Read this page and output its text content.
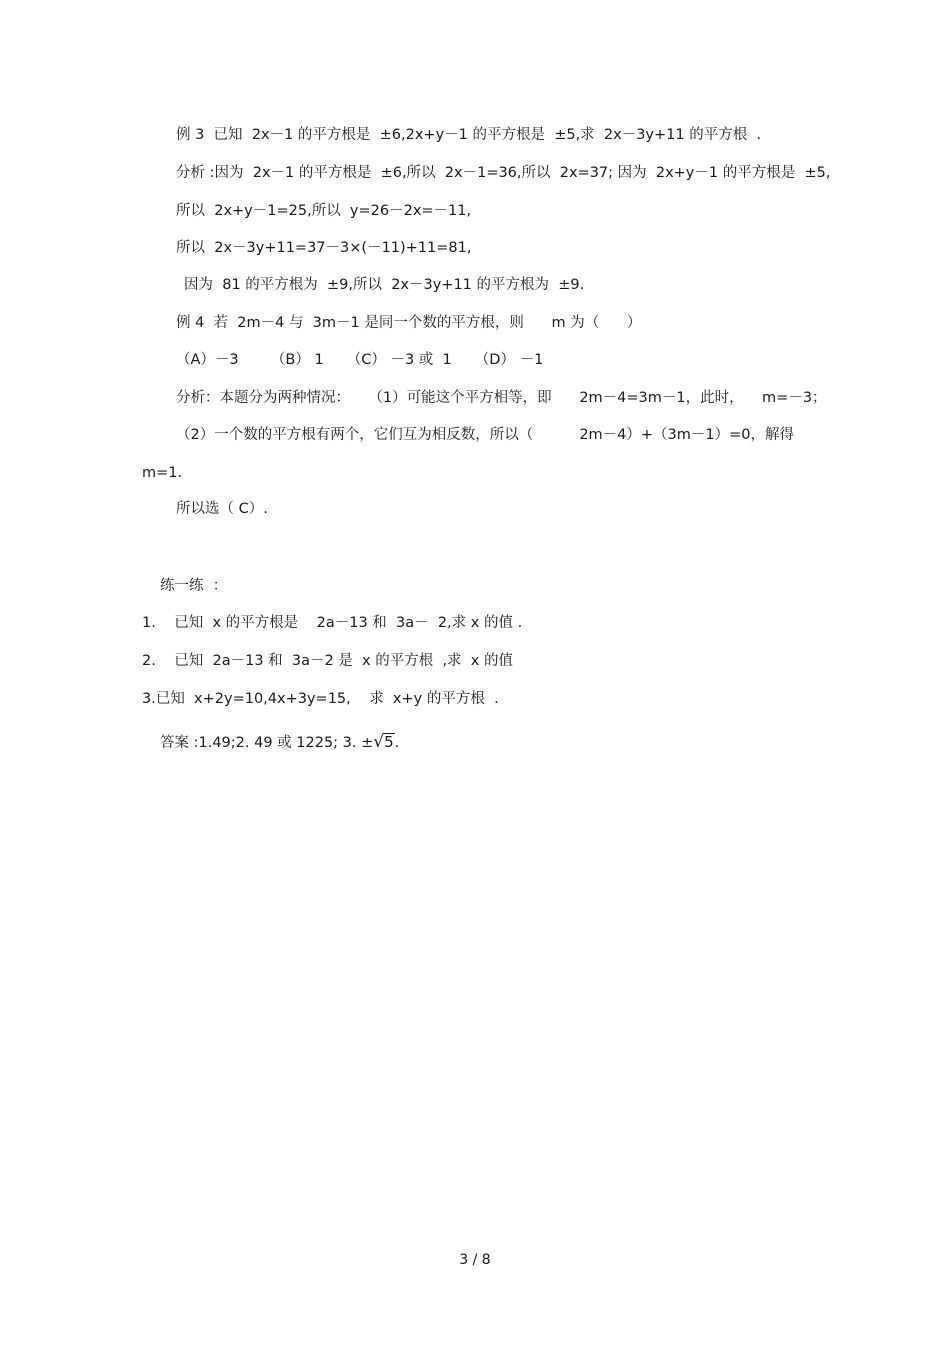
例 3  已知  2x－1 的平方根是  ±6,2x+y－1 的平方根是  ±5,求  2x－3y+11 的平方根  .
分析 :因为  2x－1 的平方根是  ±6,所以  2x－1=36,所以  2x=37; 因为  2x+y－1 的平方根是  ±5,
所以  2x+y－1=25,所以  y=26－2x=－11,
所以  2x－3y+11=37－3×(－11)+11=81,
因为  81 的平方根为  ±9,所以  2x－3y+11 的平方根为  ±9.
例 4  若  2m－4 与  3m－1 是同一个数的平方根，则      m 为（      ）
（A）－3       （B） 1     （C） －3 或  1     （D） －1
分析：本题分为两种情况：    （1）可能这个平方相等，即      2m－4=3m－1，此时，    m=－3；
（2）一个数的平方根有两个，它们互为相反数，所以（          2m－4）+（3m－1）=0，解得
m=1．
所以选（ C）.
练一练  ：
1.    已知  x 的平方根是    2a－13 和  3a－  2,求 x 的值 .
2.    已知  2a－13 和  3a－2 是  x 的平方根  ,求  x 的值
3.已知  x+2y=10,4x+3y=15,    求  x+y 的平方根  .
答案 :1.49;2. 49 或 1225; 3. ±√5.
3 / 8
